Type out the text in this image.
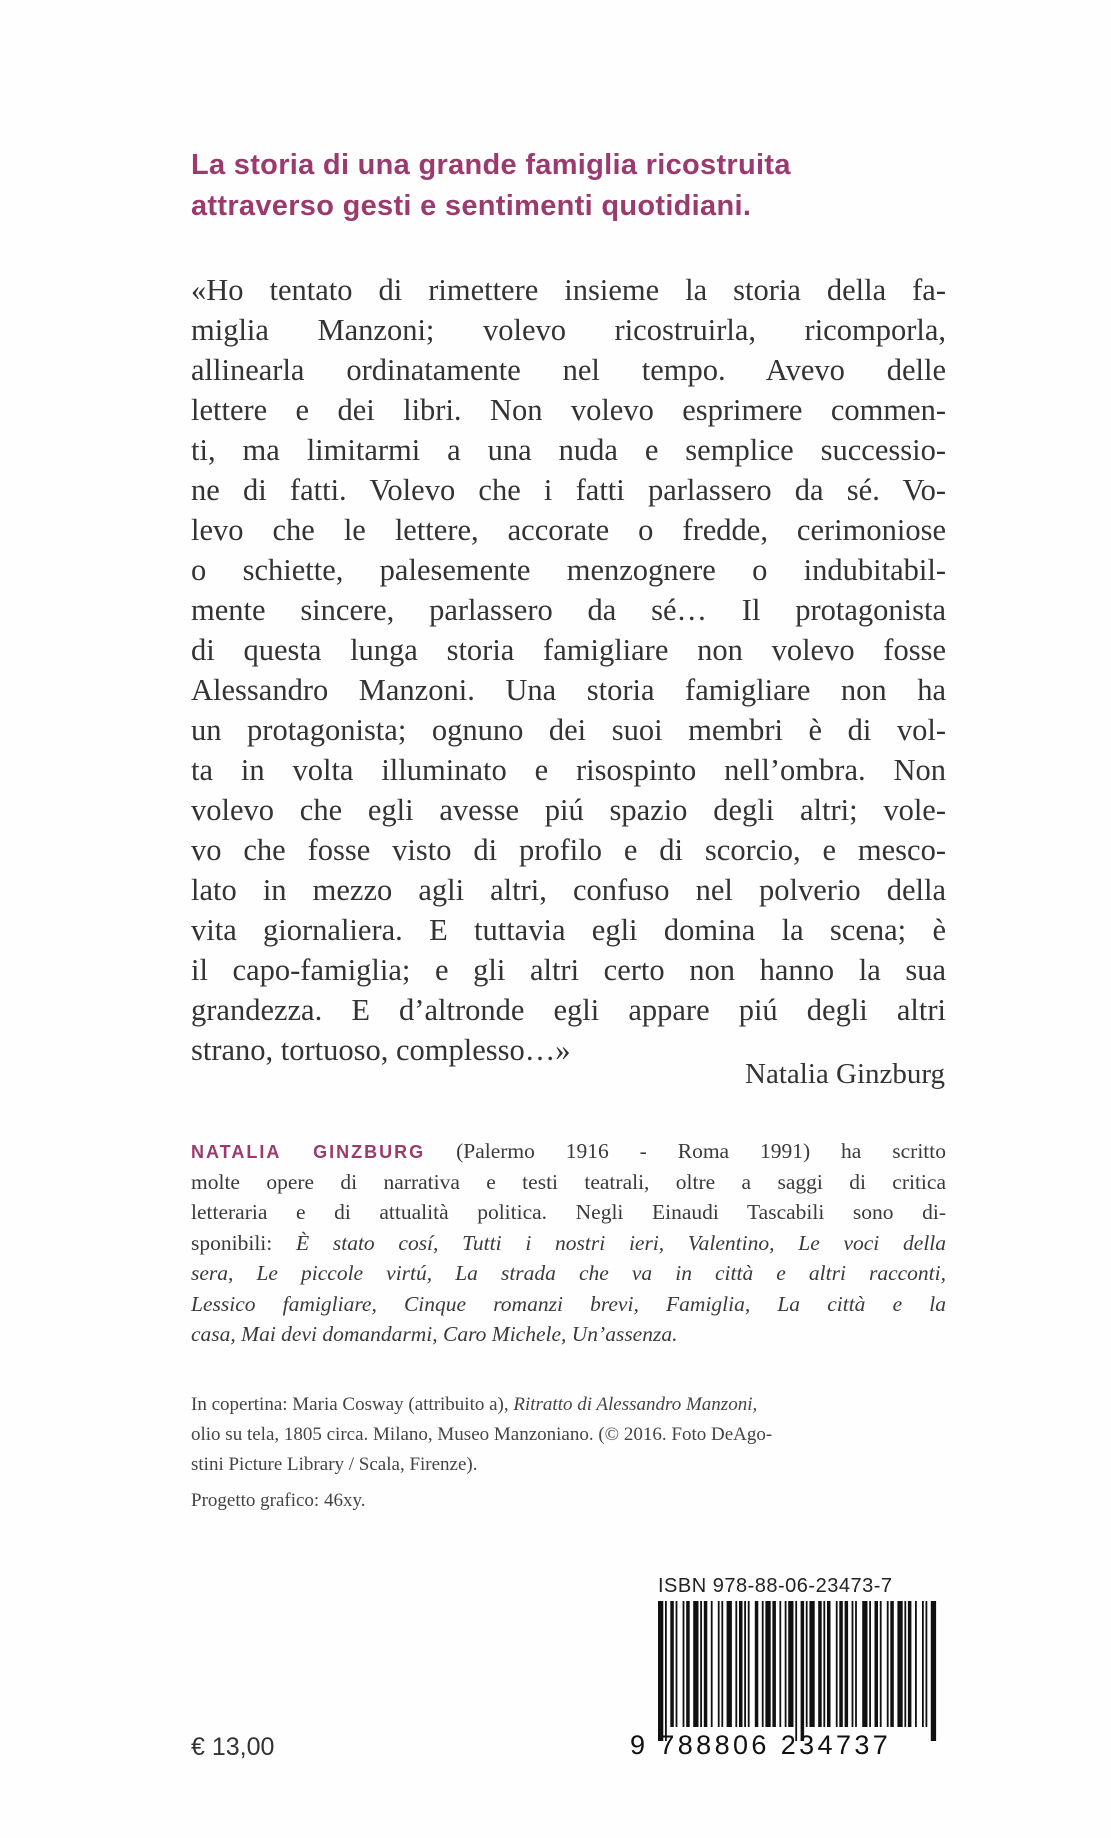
La storia di una grande famiglia ricostruita
attraverso gesti e sentimenti quotidiani.
«Ho tentato di rimettere insieme la storia della fa-
miglia Manzoni; volevo ricostruirla, ricomporla,
allinearla ordinatamente nel tempo. Avevo delle
lettere e dei libri. Non volevo esprimere commen-
ti, ma limitarmi a una nuda e semplice successio-
ne di fatti. Volevo che i fatti parlassero da sé. Vo-
levo che le lettere, accorate o fredde, cerimoniose
o schiette, palesemente menzognere o indubitabil-
mente sincere, parlassero da sé… Il protagonista
di questa lunga storia famigliare non volevo fosse
Alessandro Manzoni. Una storia famigliare non ha
un protagonista; ognuno dei suoi membri è di vol-
ta in volta illuminato e risospinto nell’ombra. Non
volevo che egli avesse piú spazio degli altri; vole-
vo che fosse visto di profilo e di scorcio, e mesco-
lato in mezzo agli altri, confuso nel polverio della
vita giornaliera. E tuttavia egli domina la scena; è
il capo-famiglia; e gli altri certo non hanno la sua
grandezza. E d’altronde egli appare piú degli altri
strano, tortuoso, complesso…»
Natalia Ginzburg
NATALIA GINZBURG (Palermo 1916 - Roma 1991) ha scritto
molte opere di narrativa e testi teatrali, oltre a saggi di critica
letteraria e di attualità politica. Negli Einaudi Tascabili sono di-
sponibili: È stato cosí, Tutti i nostri ieri, Valentino, Le voci della
sera, Le piccole virtú, La strada che va in città e altri racconti,
Lessico famigliare, Cinque romanzi brevi, Famiglia, La città e la
casa, Mai devi domandarmi, Caro Michele, Un’assenza.
In copertina: Maria Cosway (attribuito a), Ritratto di Alessandro Manzoni,
olio su tela, 1805 circa. Milano, Museo Manzoniano. (© 2016. Foto DeAgo-
stini Picture Library / Scala, Firenze).
Progetto grafico: 46xy.
ISBN 978-88-06-23473-7
9 788806 234737
€ 13,00
